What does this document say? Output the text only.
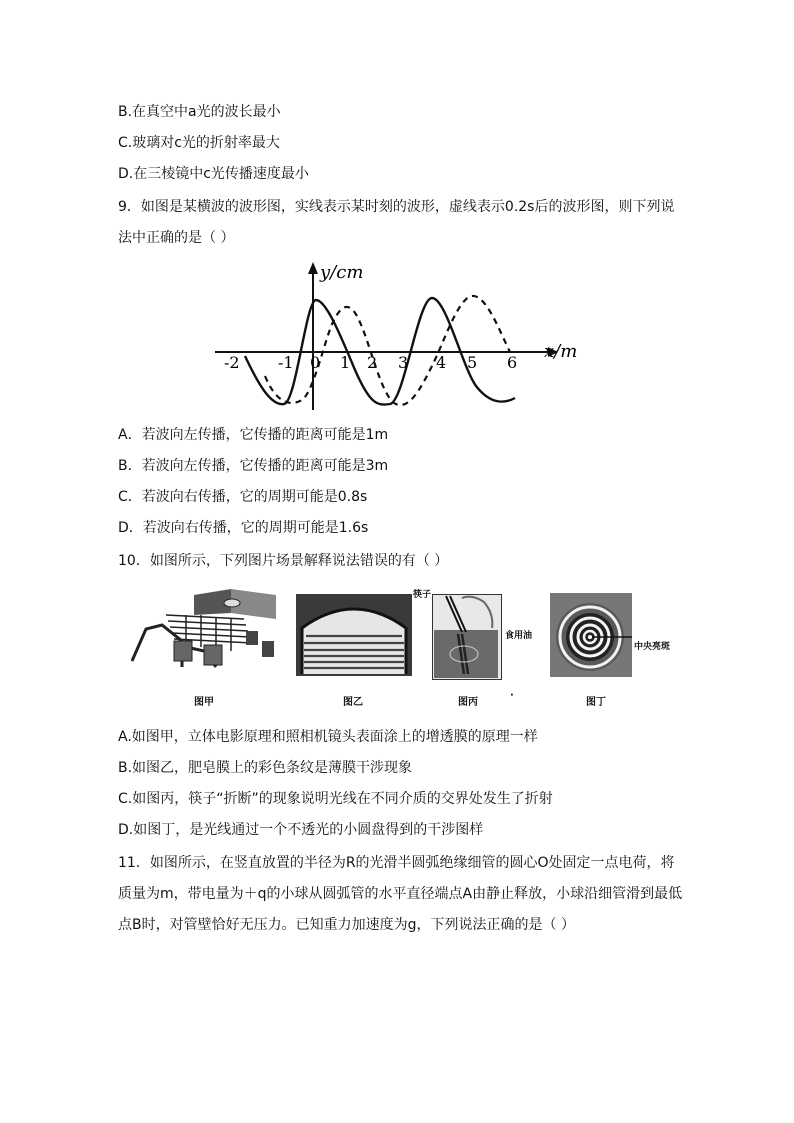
B.在真空中a光的波长最小
C.玻璃对c光的折射率最大
D.在三棱镜中c光传播速度最小
9．如图是某横波的波形图，实线表示某时刻的波形，虚线表示0.2s后的波形图，则下列说
法中正确的是（ ）
y/cm
x/m
-2 -1 0 1 2 3 4 5 6
A．若波向左传播，它传播的距离可能是1m
B．若波向左传播，它传播的距离可能是3m
C．若波向右传播，它的周期可能是0.8s
D．若波向右传播，它的周期可能是1.6s
10．如图所示，下列图片场景解释说法错误的有（ ）
筷子
食用油
中央亮斑
图甲	图乙	图丙
·
图丁
A.如图甲，立体电影原理和照相机镜头表面涂上的增透膜的原理一样
B.如图乙，肥皂膜上的彩色条纹是薄膜干涉现象
C.如图丙，筷子“折断”的现象说明光线在不同介质的交界处发生了折射
D.如图丁，是光线通过一个不透光的小圆盘得到的干涉图样
11．如图所示，在竖直放置的半径为R的光滑半圆弧绝缘细管的圆心O处固定一点电荷，将
质量为m，带电量为＋q的小球从圆弧管的水平直径端点A由静止释放，小球沿细管滑到最低
点B时，对管壁恰好无压力。已知重力加速度为g，下列说法正确的是（ ）
